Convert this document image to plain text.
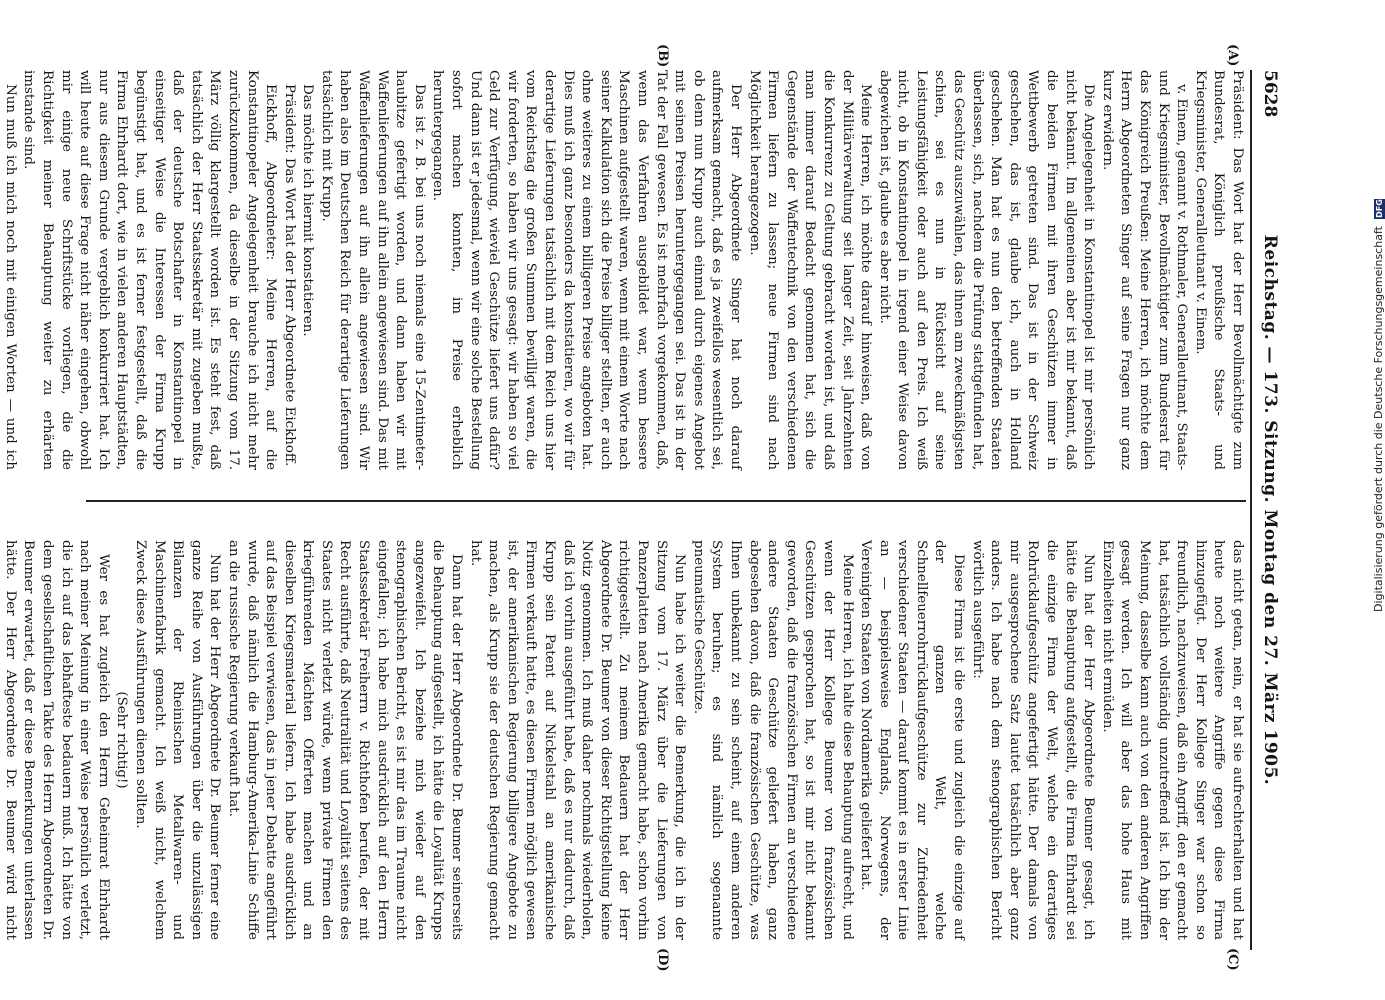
5628
Reichstag. — 173. Sitzung. Montag den 27. März 1905.
(A)
(B)
(C)
(D)

Präsident: Das Wort hat der Herr Bevollmächtigte zum Bundesrat, Königlich preußische Staats- und Kriegsminister, Generalleutnant v. Einem.

v. Einem, genannt v. Rothmaler, Generalleutnant, Staats- und Kriegsminister, Bevollmächtigter zum Bundesrat für das Königreich Preußen: Meine Herren, ich möchte dem Herrn Abgeordneten Singer auf seine Fragen nur ganz kurz erwidern.

Die Angelegenheit in Konstantinopel ist mir persönlich nicht bekannt. Im allgemeinen aber ist mir bekannt, daß die beiden Firmen mit ihren Geschützen immer in Wettbewerb getreten sind. Das ist in der Schweiz geschehen, das ist, glaube ich, auch in Holland geschehen. Man hat es nun den betreffenden Staaten überlassen, sich, nachdem die Prüfung stattgefunden hat, das Geschütz auszuwählen, das ihnen am zweckmäßigsten schien, sei es nun in Rücksicht auf seine Leistungsfähigkeit oder auch auf den Preis. Ich weiß nicht, ob in Konstantinopel in irgend einer Weise davon abgewichen ist, glaube es aber nicht.

Meine Herren, ich möchte darauf hinweisen, daß von der Militärverwaltung seit langer Zeit, seit Jahrzehnten die Konkurrenz zu Geltung gebracht worden ist, und daß man immer darauf Bedacht genommen hat, sich die Gegenstände der Waffentechnik von den verschiedenen Firmen liefern zu lassen; neue Firmen sind nach Möglichkeit herangezogen.

Der Herr Abgeordnete Singer hat noch darauf aufmerksam gemacht, daß es ja zweifellos wesentlich sei, ob denn nun Krupp auch einmal durch eigenes Angebot mit seinen Preisen heruntergegangen sei. Das ist in der Tat der Fall gewesen. Es ist mehrfach vorgekommen, daß, wenn das Verfahren ausgebildet war, wenn bessere Maschinen aufgestellt waren, wenn mit einem Worte nach seiner Kalkulation sich die Preise billiger stellten, er auch ohne weiteres zu einem billigeren Preise angeboten hat. Dies muß ich ganz besonders da konstatieren, wo wir für derartige Lieferungen tatsächlich mit dem Reich uns hier vom Reichstag die großen Summen bewilligt waren, die wir forderten, so haben wir uns gesagt: wir haben so viel Geld zur Verfügung, wieviel Geschütze liefert uns dafür? Und dann ist er jedesmal, wenn wir eine solche Bestellung sofort machen konnten, im Preise erheblich heruntergegangen.

Das ist z. B. bei uns noch niemals eine 15-Zentimeter-haubitze gefertigt worden, und dann haben wir mit Waffenlieferungen auf ihn allein angewiesen sind. Das mit Waffenlieferungen auf ihn allein angewiesen sind. Wir haben also im Deutschen Reich für derartige Lieferungen tatsächlich mit Krupp.

Das möchte ich hiermit konstatieren.

Präsident: Das Wort hat der Herr Abgeordnete Eickhoff.

Eickhoff, Abgeordneter: Meine Herren, auf die Konstantinopeler Angelegenheit brauche ich nicht mehr zurückzukommen, da dieselbe in der Sitzung vom 17. März völlig klargestellt worden ist. Es steht fest, daß tatsächlich der Herr Staatssekretär mit zugeben mußte, daß der deutsche Botschafter in Konstantinopel in einseitiger Weise die Interessen der Firma Krupp begünstigt hat, und es ist ferner festgestellt, daß die Firma Ehrhardt dort, wie in vielen anderen Hauptstädten, nur aus diesem Grunde vergeblich konkurriert hat. Ich will heute auf diese Frage nicht näher eingehen, obwohl mir einige neue Schriftstücke vorliegen, die die Richtigkeit meiner Behauptung weiter zu erhärten imstande sind.

Nun muß ich mich noch mit einigen Worten — und ich

das nicht getan, nein, er hat sie aufrechterhalten und hat heute noch weitere Angriffe gegen diese Firma hinzugefügt. Der Herr Kollege Singer war schon so freundlich, nachzuweisen, daß ein Angriff, den er gemacht hat, tatsächlich vollständig unzutreffend ist. Ich bin der Meinung, dasselbe kann auch von den anderen Angriffen gesagt werden. Ich will aber das hohe Haus mit Einzelheiten nicht ermüden.

Nun hat der Herr Abgeordnete Beumer gesagt, ich hätte die Behauptung aufgestellt, die Firma Ehrhardt sei die einzige Firma der Welt, welche ein derartiges Rohrücklaufgeschütz angefertigt hätte. Der damals von mir ausgesprochene Satz lautet tatsächlich aber ganz anders. Ich habe nach dem stenographischen Bericht wörtlich ausgeführt:

Diese Firma ist die erste und zugleich die einzige auf der ganzen Welt, welche Schnellfeuerrohrrücklaufgeschütze zur Zufriedenheit verschiedener Staaten — darauf kommt es in erster Linie an — beispielsweise Englands, Norwegens, der Vereinigten Staaten von Nordamerika geliefert hat.

Meine Herren, ich halte diese Behauptung aufrecht, und wenn der Herr Kollege Beumer von französischen Geschützen gesprochen hat, so ist mir nicht bekannt geworden, daß die französischen Firmen an verschiedene andere Staaten Geschütze geliefert haben, ganz abgesehen davon, daß die französischen Geschütze, was Ihnen unbekannt zu sein scheint, auf einem anderen System beruhen; es sind nämlich sogenannte pneumatische Geschütze.

Nun habe ich weiter die Bemerkung, die ich in der Sitzung vom 17. März über die Lieferungen von Panzerplatten nach Amerika gemacht habe, schon vorhin richtiggestellt. Zu meinem Bedauern hat der Herr Abgeordnete Dr. Beumer von dieser Richtigstellung keine Notiz genommen. Ich muß daher nochmals wiederholen, daß ich vorhin ausgeführt habe, daß es nur dadurch, daß Krupp sein Patent auf Nickelstahl an amerikanische Firmen verkauft hatte, es diesen Firmen möglich gewesen ist, der amerikanischen Regierung billigere Angebote zu machen, als Krupp sie der deutschen Regierung gemacht hat.

Dann hat der Herr Abgeordnete Dr. Beumer seinerseits die Behauptung aufgestellt, ich hätte die Loyalität Krupps angezweifelt. Ich beziehe mich wieder auf den stenographischen Bericht, es ist mir das im Traume nicht eingefallen; ich habe mich ausdrücklich auf den Herrn Staatssekretär Freiherrn v. Richthofen berufen, der mit Recht ausführte, daß Neutralität und Loyalität seitens des Staates nicht verletzt würde, wenn private Firmen den kriegführenden Mächten Offerten machen und an dieselben Kriegsmaterial liefern. Ich habe ausdrücklich auf das Beispiel verwiesen, das in jener Debatte angeführt wurde, daß nämlich die Hamburg-Amerika-Linie Schiffe an die russische Regierung verkauft hat.

Nun hat der Herr Abgeordnete Dr. Beumer ferner eine ganze Reihe von Ausführungen über die unzulässigen Bilanzen der Rheinischen Metallwaren- und Maschinenfabrik gemacht. Ich weiß nicht, welchem Zweck diese Ausführungen dienen sollten.

(Sehr richtig!)

Wer es hat zugleich den Herrn Geheimrat Ehrhardt nach meiner Meinung in einer Weise persönlich verletzt, die ich auf das lebhafteste bedauern muß. Ich hätte von dem gesellschaftlichen Takte des Herrn Abgeordneten Dr. Beumer erwartet, daß er diese Bemerkungen unterlassen hätte. Der Herr Abgeordnete Dr. Beumer wird nicht

Digitalisierung gefördert durch die Deutsche Forschungsgemeinschaft DFG
